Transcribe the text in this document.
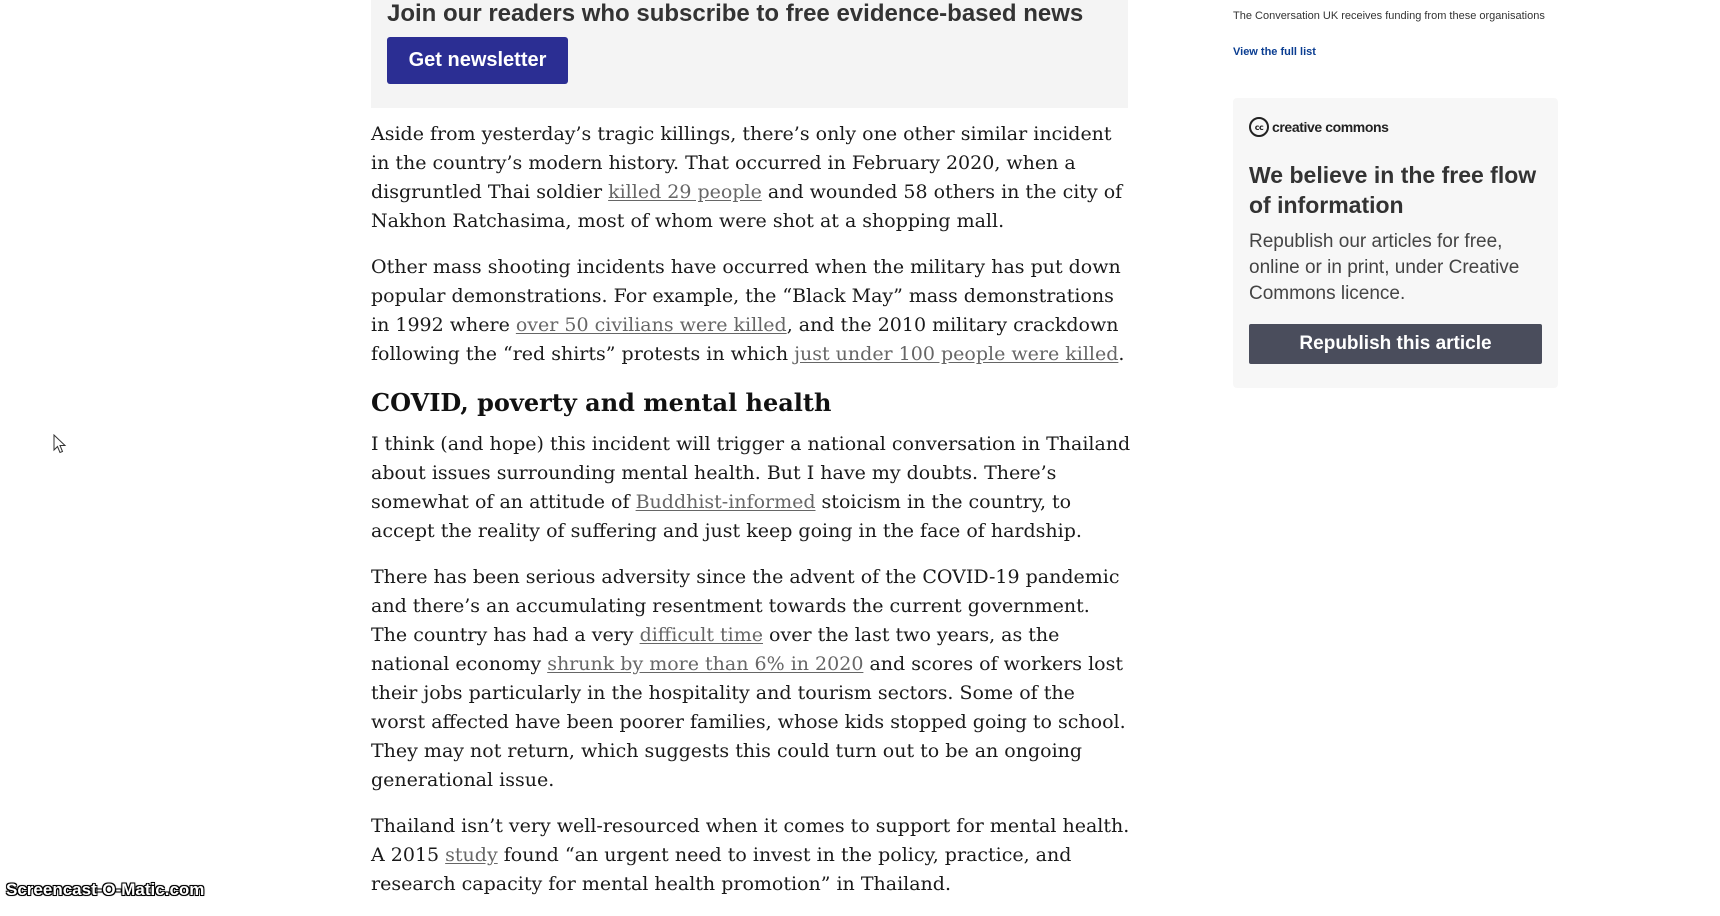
Join our readers who subscribe to free evidence-based news

Get newsletter

Aside from yesterday’s tragic killings, there’s only one other similar incident in the country’s modern history. That occurred in February 2020, when a disgruntled Thai soldier killed 29 people and wounded 58 others in the city of Nakhon Ratchasima, most of whom were shot at a shopping mall.

Other mass shooting incidents have occurred when the military has put down popular demonstrations. For example, the “Black May” mass demonstrations in 1992 where over 50 civilians were killed, and the 2010 military crackdown following the “red shirts” protests in which just under 100 people were killed.

COVID, poverty and mental health

I think (and hope) this incident will trigger a national conversation in Thailand about issues surrounding mental health. But I have my doubts. There’s somewhat of an attitude of Buddhist-informed stoicism in the country, to accept the reality of suffering and just keep going in the face of hardship.

There has been serious adversity since the advent of the COVID-19 pandemic and there’s an accumulating resentment towards the current government. The country has had a very difficult time over the last two years, as the national economy shrunk by more than 6% in 2020 and scores of workers lost their jobs particularly in the hospitality and tourism sectors. Some of the worst affected have been poorer families, whose kids stopped going to school. They may not return, which suggests this could turn out to be an ongoing generational issue.

Thailand isn’t very well-resourced when it comes to support for mental health. A 2015 study found “an urgent need to invest in the policy, practice, and research capacity for mental health promotion” in Thailand.

The Conversation UK receives funding from these organisations

View the full list
cc creative commons

We believe in the free flow of information

Republish our articles for free, online or in print, under Creative Commons licence.

Republish this article

Screencast-O-Matic.com
